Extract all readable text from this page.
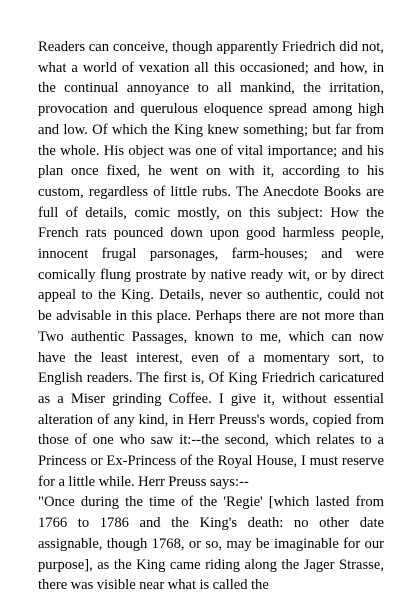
Readers can conceive, though apparently Friedrich did not, what a world of vexation all this occasioned; and how, in the continual annoyance to all mankind, the irritation, provocation and querulous eloquence spread among high and low. Of which the King knew something; but far from the whole. His object was one of vital importance; and his plan once fixed, he went on with it, according to his custom, regardless of little rubs. The Anecdote Books are full of details, comic mostly, on this subject: How the French rats pounced down upon good harmless people, innocent frugal parsonages, farm-houses; and were comically flung prostrate by native ready wit, or by direct appeal to the King. Details, never so authentic, could not be advisable in this place. Perhaps there are not more than Two authentic Passages, known to me, which can now have the least interest, even of a momentary sort, to English readers. The first is, Of King Friedrich caricatured as a Miser grinding Coffee. I give it, without essential alteration of any kind, in Herr Preuss's words, copied from those of one who saw it:--the second, which relates to a Princess or Ex-Princess of the Royal House, I must reserve for a little while. Herr Preuss says:--

"Once during the time of the 'Regie' [which lasted from 1766 to 1786 and the King's death: no other date assignable, though 1768, or so, may be imaginable for our purpose], as the King came riding along the Jager Strasse, there was visible near what is called the
